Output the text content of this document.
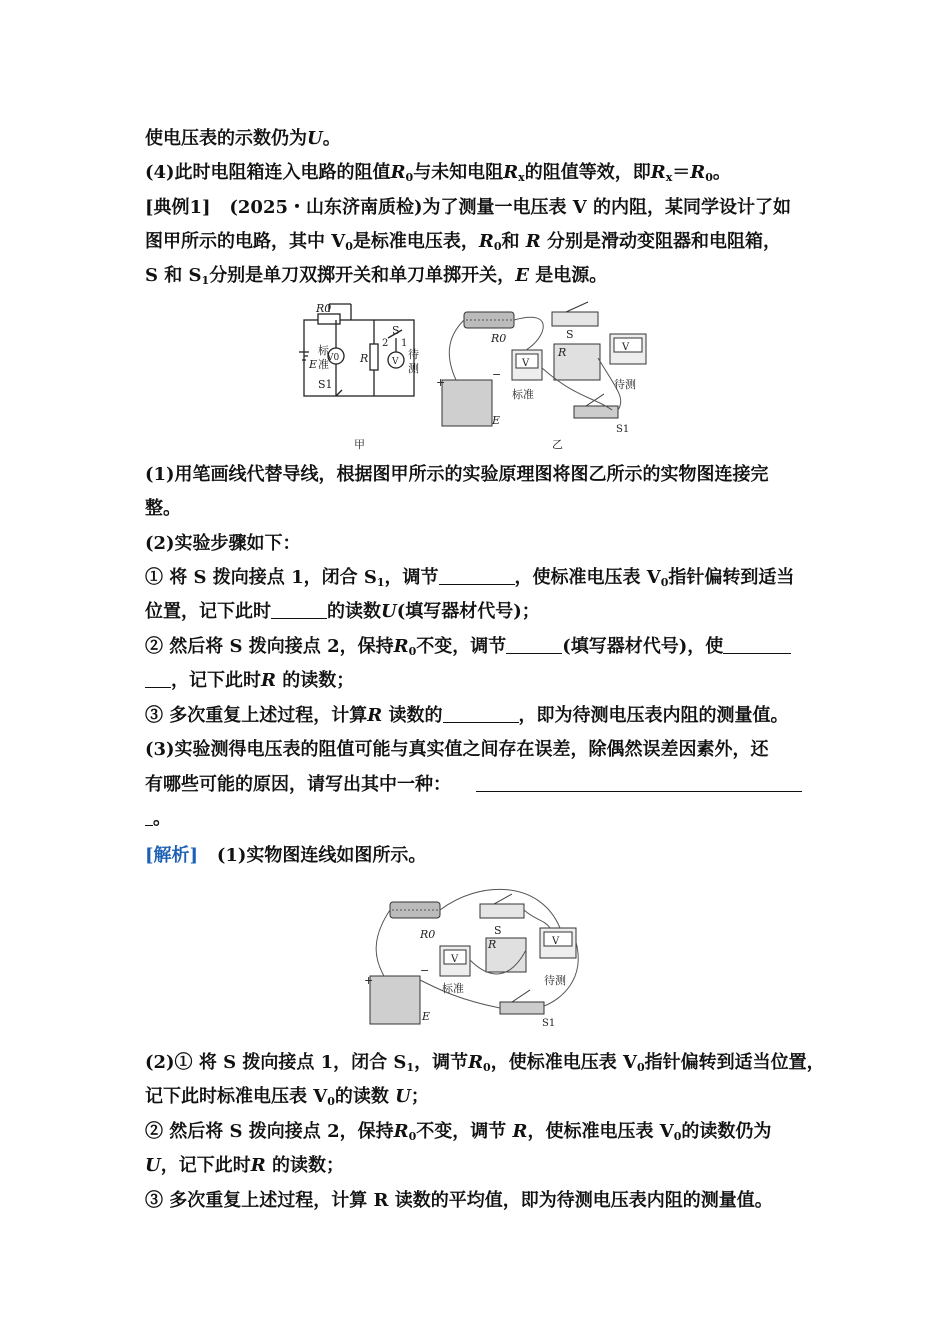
使电压表的示数仍为U。
(4)此时电阻箱连入电路的阻值$R_0$与未知电阻$R_x$的阻值等效，即$R_x=R_0$。
[典例1] (2025・山东济南质检)为了测量一电压表 V 的内阻，某同学设计了如
图甲所示的电路，其中 $V_0$是标准电压表，$R_0$和 R 分别是滑动变阻器和电阻箱，
S 和 $S_1$分别是单刀双掷开关和单刀单掷开关，E 是电源。
R0
E
S1
V0
标
准	R	V
S
2 1
待
测
甲
R0	S
R
V
V
标准
待测
+
−
E
S1
乙
(1)用笔画线代替导线，根据图甲所示的实验原理图将图乙所示的实物图连接完
整。
(2)实验步骤如下：
① 将 S 拨向接点 1，闭合 $S_1$，调节	，使标准电压表 $V_0$指针偏转到适当
位置，记下此时	的读数U(填写器材代号)；
② 然后将 S 拨向接点 2，保持$R_0$不变，调节	(填写器材代号)，使
，记下此时R 的读数；
③ 多次重复上述过程，计算R 读数的	，即为待测电压表内阻的测量值。
(3)实验测得电压表的阻值可能与真实值之间存在误差，除偶然误差因素外，还
有哪些可能的原因，请写出其中一种：
。
[解析] (1)实物图连线如图所示。
R0	S
R
V
V
标准
待测
+
−
E
S1
(2)① 将 S 拨向接点 1，闭合 $S_1$，调节$R_0$，使标准电压表 $V_0$指针偏转到适当位置，
记下此时标准电压表 $V_0$的读数 U；
② 然后将 S 拨向接点 2，保持$R_0$不变，调节 R，使标准电压表 $V_0$的读数仍为
U，记下此时R 的读数；
③ 多次重复上述过程，计算 R 读数的平均值，即为待测电压表内阻的测量值。
